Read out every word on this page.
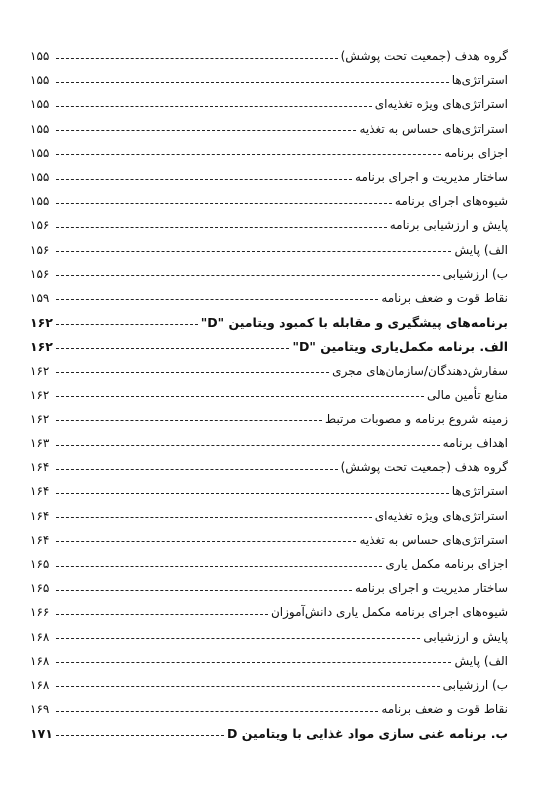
۱۵۵	گروه هدف (جمعیت تحت پوشش)
۱۵۵	استراتژی‌ها
۱۵۵	استراتژی‌های ویژه تغذیه‌ای
۱۵۵	استراتژی‌های حساس به تغذیه
۱۵۵	اجزای برنامه
۱۵۵	ساختار مدیریت و اجرای برنامه
۱۵۵	شیوه‌های اجرای برنامه
۱۵۶	پایش و ارزشیابی برنامه
۱۵۶	الف) پایش
۱۵۶	ب) ارزشیابی
۱۵۹	نقاط قوت و ضعف برنامه
۱۶۲	برنامه‌های پیشگیری و مقابله با کمبود ویتامین "D"
۱۶۲	الف. برنامه مکمل‌یاری ویتامین "D"
۱۶۲	سفارش‌دهندگان/سازمان‌های مجری
۱۶۲	منابع تأمین مالی
۱۶۲	زمینه شروع برنامه و مصوبات مرتبط
۱۶۳	اهداف برنامه
۱۶۴	گروه هدف (جمعیت تحت پوشش)
۱۶۴	استراتژی‌ها
۱۶۴	استراتژی‌های ویژه تغذیه‌ای
۱۶۴	استراتژی‌های حساس به تغذیه
۱۶۵	اجزای برنامه مکمل یاری
۱۶۵	ساختار مدیریت و اجرای برنامه
۱۶۶	شیوه‌های اجرای برنامه مکمل یاری دانش‌آموزان
۱۶۸	پایش و ارزشیابی
۱۶۸	الف) پایش
۱۶۸	ب) ارزشیابی
۱۶۹	نقاط قوت و ضعف برنامه
۱۷۱	ب. برنامه غنی سازی مواد غذایی با ویتامین D
